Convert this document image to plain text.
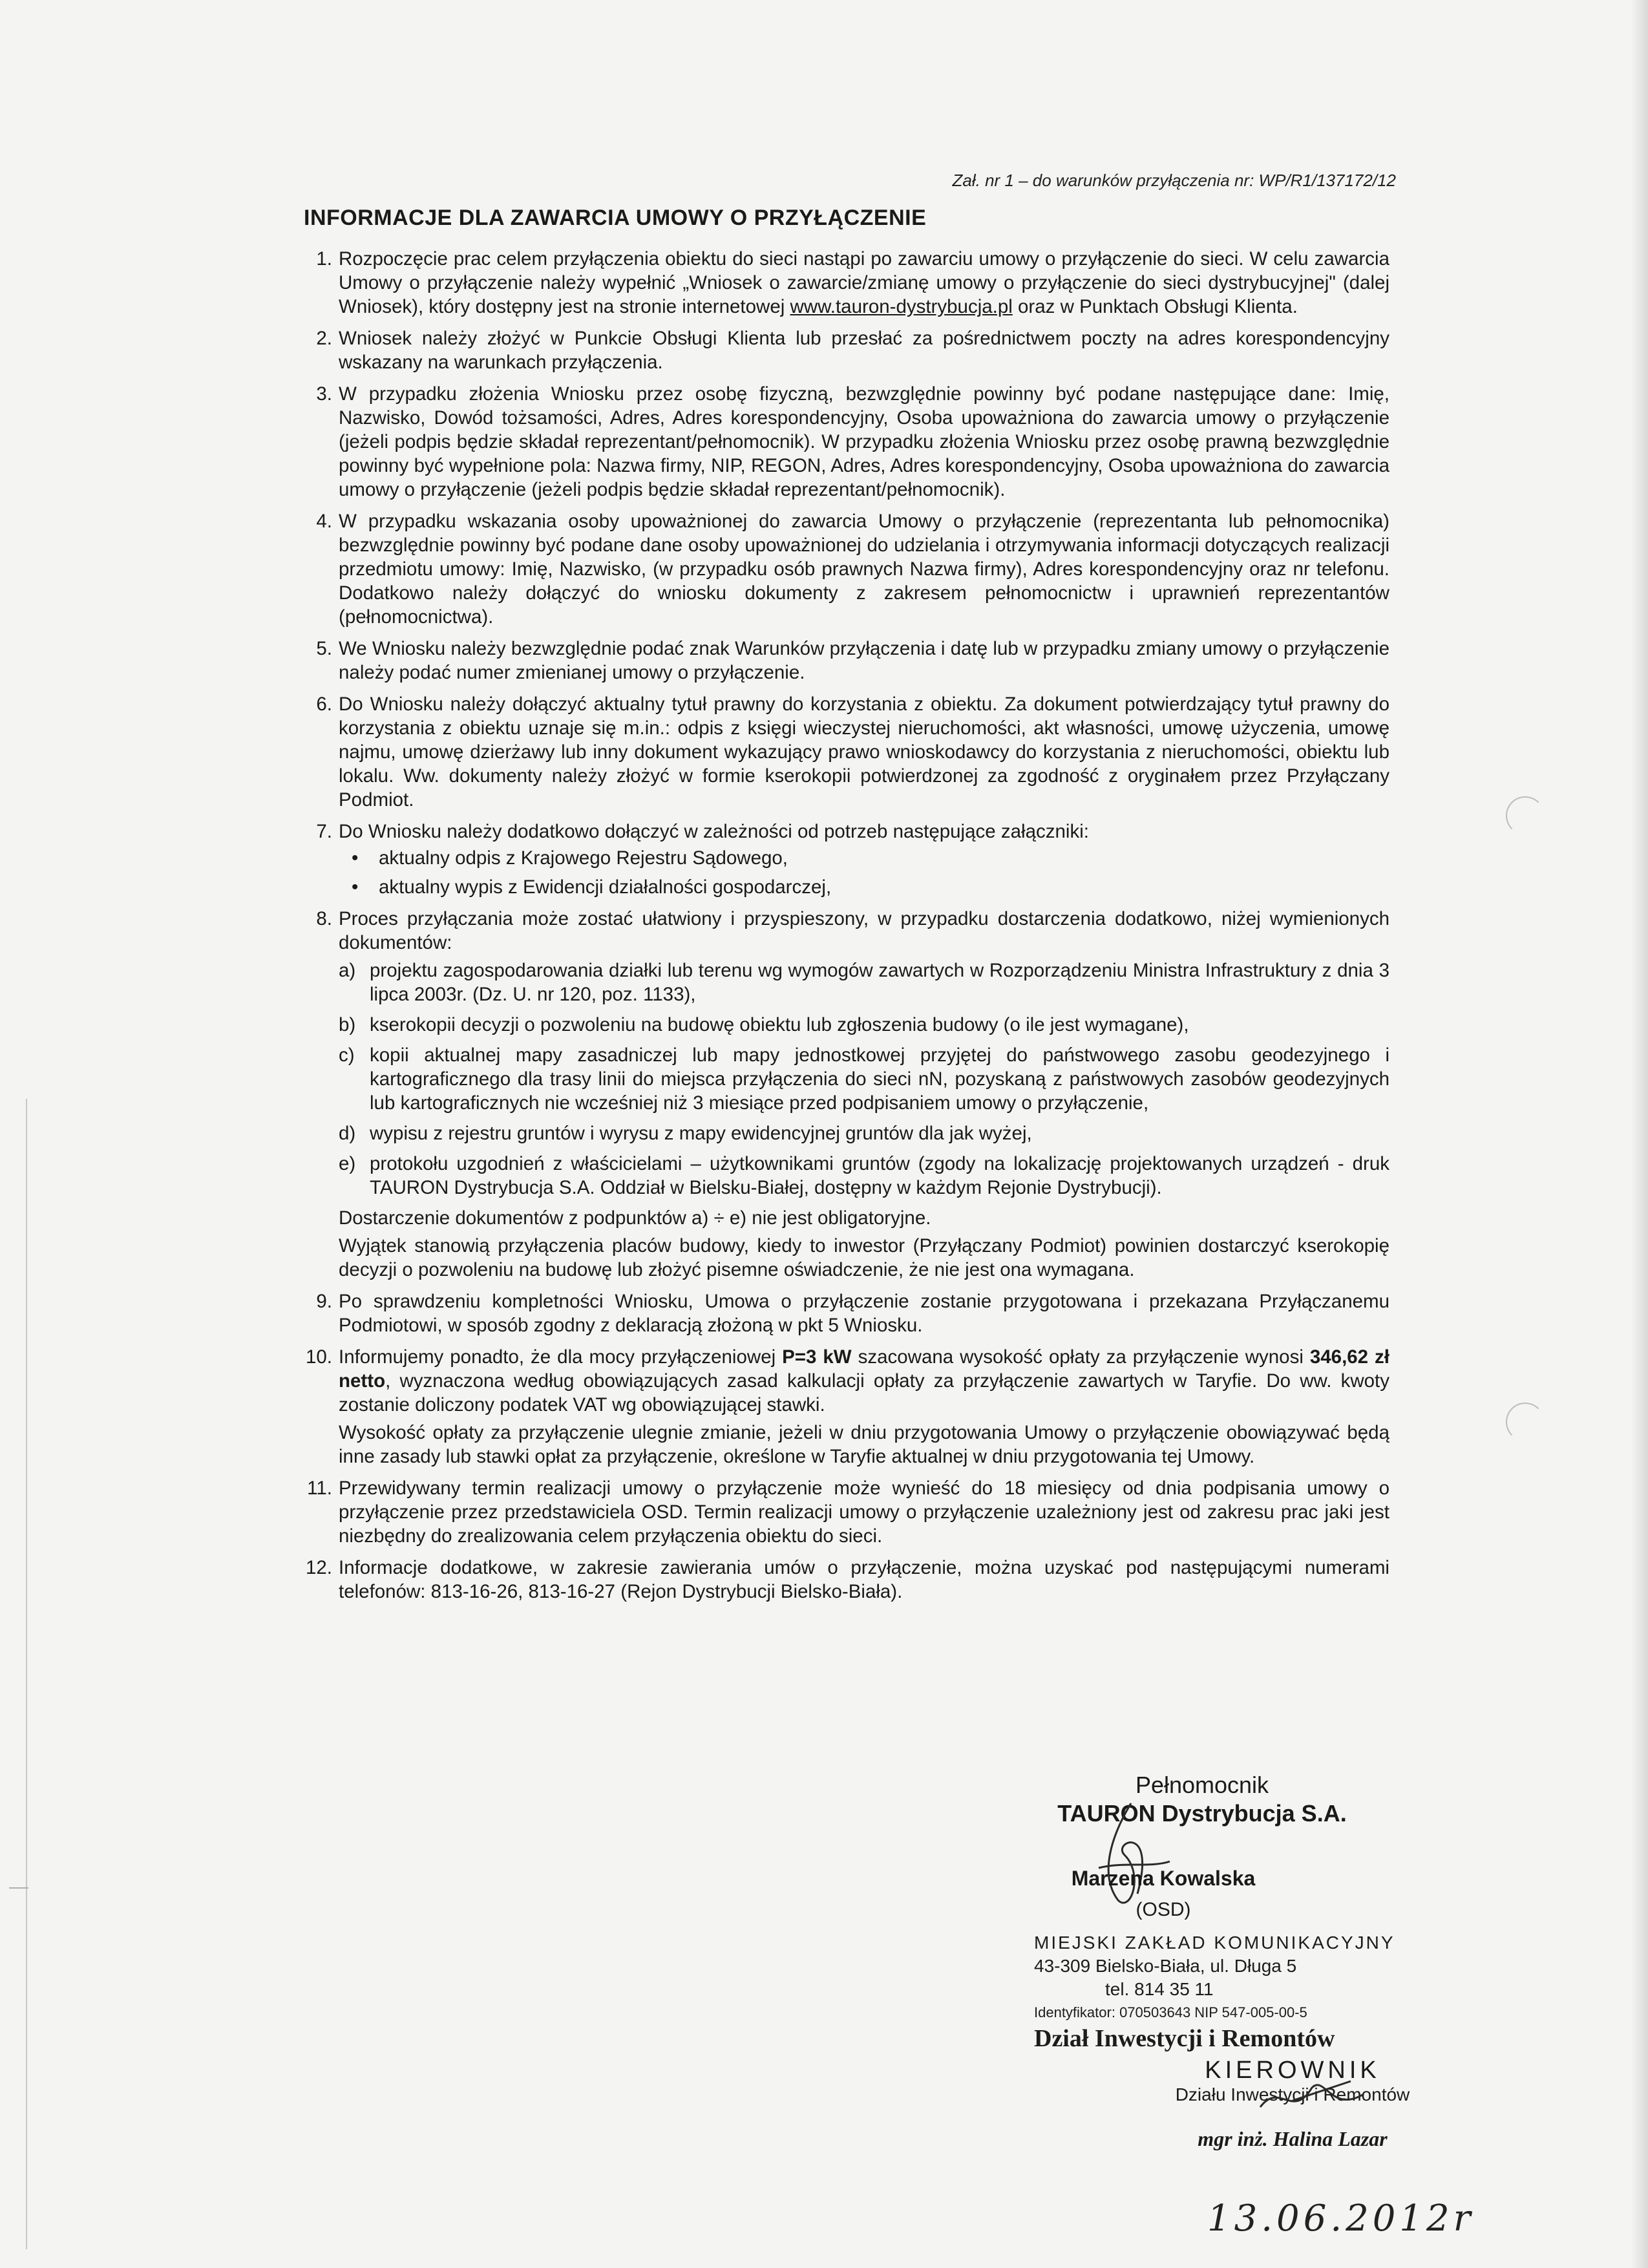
Zał. nr 1 – do warunków przyłączenia nr: WP/R1/137172/12
INFORMACJE DLA ZAWARCIA UMOWY O PRZYŁĄCZENIE
1. Rozpoczęcie prac celem przyłączenia obiektu do sieci nastąpi po zawarciu umowy o przyłączenie do sieci. W celu zawarcia Umowy o przyłączenie należy wypełnić „Wniosek o zawarcie/zmianę umowy o przyłączenie do sieci dystrybucyjnej" (dalej Wniosek), który dostępny jest na stronie internetowej www.tauron-dystrybucja.pl oraz w Punktach Obsługi Klienta.
2. Wniosek należy złożyć w Punkcie Obsługi Klienta lub przesłać za pośrednictwem poczty na adres korespondencyjny wskazany na warunkach przyłączenia.
3. W przypadku złożenia Wniosku przez osobę fizyczną, bezwzględnie powinny być podane następujące dane: Imię, Nazwisko, Dowód tożsamości, Adres, Adres korespondencyjny, Osoba upoważniona do zawarcia umowy o przyłączenie (jeżeli podpis będzie składał reprezentant/pełnomocnik). W przypadku złożenia Wniosku przez osobę prawną bezwzględnie powinny być wypełnione pola: Nazwa firmy, NIP, REGON, Adres, Adres korespondencyjny, Osoba upoważniona do zawarcia umowy o przyłączenie (jeżeli podpis będzie składał reprezentant/pełnomocnik).
4. W przypadku wskazania osoby upoważnionej do zawarcia Umowy o przyłączenie (reprezentanta lub pełnomocnika) bezwzględnie powinny być podane dane osoby upoważnionej do udzielania i otrzymywania informacji dotyczących realizacji przedmiotu umowy: Imię, Nazwisko, (w przypadku osób prawnych Nazwa firmy), Adres korespondencyjny oraz nr telefonu. Dodatkowo należy dołączyć do wniosku dokumenty z zakresem pełnomocnictw i uprawnień reprezentantów (pełnomocnictwa).
5. We Wniosku należy bezwzględnie podać znak Warunków przyłączenia i datę lub w przypadku zmiany umowy o przyłączenie należy podać numer zmienianej umowy o przyłączenie.
6. Do Wniosku należy dołączyć aktualny tytuł prawny do korzystania z obiektu. Za dokument potwierdzający tytuł prawny do korzystania z obiektu uznaje się m.in.: odpis z księgi wieczystej nieruchomości, akt własności, umowę użyczenia, umowę najmu, umowę dzierżawy lub inny dokument wykazujący prawo wnioskodawcy do korzystania z nieruchomości, obiektu lub lokalu. Ww. dokumenty należy złożyć w formie kserokopii potwierdzonej za zgodność z oryginałem przez Przyłączany Podmiot.
7. Do Wniosku należy dodatkowo dołączyć w zależności od potrzeb następujące załączniki:
• aktualny odpis z Krajowego Rejestru Sądowego,
• aktualny wypis z Ewidencji działalności gospodarczej,
8. Proces przyłączania może zostać ułatwiony i przyspieszony, w przypadku dostarczenia dodatkowo, niżej wymienionych dokumentów:
a) projektu zagospodarowania działki lub terenu wg wymogów zawartych w Rozporządzeniu Ministra Infrastruktury z dnia 3 lipca 2003r. (Dz. U. nr 120, poz. 1133),
b) kserokopii decyzji o pozwoleniu na budowę obiektu lub zgłoszenia budowy (o ile jest wymagane),
c) kopii aktualnej mapy zasadniczej lub mapy jednostkowej przyjętej do państwowego zasobu geodezyjnego i kartograficznego dla trasy linii do miejsca przyłączenia do sieci nN, pozyskaną z państwowych zasobów geodezyjnych lub kartograficznych nie wcześniej niż 3 miesiące przed podpisaniem umowy o przyłączenie,
d) wypisu z rejestru gruntów i wyrysu z mapy ewidencyjnej gruntów dla jak wyżej,
e) protokołu uzgodnień z właścicielami – użytkownikami gruntów (zgody na lokalizację projektowanych urządzeń - druk TAURON Dystrybucja S.A. Oddział w Bielsku-Białej, dostępny w każdym Rejonie Dystrybucji).

Dostarczenie dokumentów z podpunktów a) ÷ e) nie jest obligatoryjne.

Wyjątek stanowią przyłączenia placów budowy, kiedy to inwestor (Przyłączany Podmiot) powinien dostarczyć kserokopię decyzji o pozwoleniu na budowę lub złożyć pisemne oświadczenie, że nie jest ona wymagana.

9. Po sprawdzeniu kompletności Wniosku, Umowa o przyłączenie zostanie przygotowana i przekazana Przyłączanemu Podmiotowi, w sposób zgodny z deklaracją złożoną w pkt 5 Wniosku.
10. Informujemy ponadto, że dla mocy przyłączeniowej P=3 kW szacowana wysokość opłaty za przyłączenie wynosi 346,62 zł netto, wyznaczona według obowiązujących zasad kalkulacji opłaty za przyłączenie zawartych w Taryfie. Do ww. kwoty zostanie doliczony podatek VAT wg obowiązującej stawki.

Wysokość opłaty za przyłączenie ulegnie zmianie, jeżeli w dniu przygotowania Umowy o przyłączenie obowiązywać będą inne zasady lub stawki opłat za przyłączenie, określone w Taryfie aktualnej w dniu przygotowania tej Umowy.

11. Przewidywany termin realizacji umowy o przyłączenie może wynieść do 18 miesięcy od dnia podpisania umowy o przyłączenie przez przedstawiciela OSD. Termin realizacji umowy o przyłączenie uzależniony jest od zakresu prac jaki jest niezbędny do zrealizowania celem przyłączenia obiektu do sieci.
12. Informacje dodatkowe, w zakresie zawierania umów o przyłączenie, można uzyskać pod następującymi numerami telefonów: 813-16-26, 813-16-27 (Rejon Dystrybucji Bielsko-Biała).
Pełnomocnik
TAURON Dystrybucja S.A.
Marzena Kowalska
(OSD)
MIEJSKI ZAKŁAD KOMUNIKACYJNY
43-309 Bielsko-Biała, ul. Długa 5
tel. 814 35 11
Identyfikator: 070503643 NIP 547-005-00-5
Dział Inwestycji i Remontów
KIEROWNIK
Działu Inwestycji i Remontów
mgr inż. Halina Lazar
13.06.2012r
